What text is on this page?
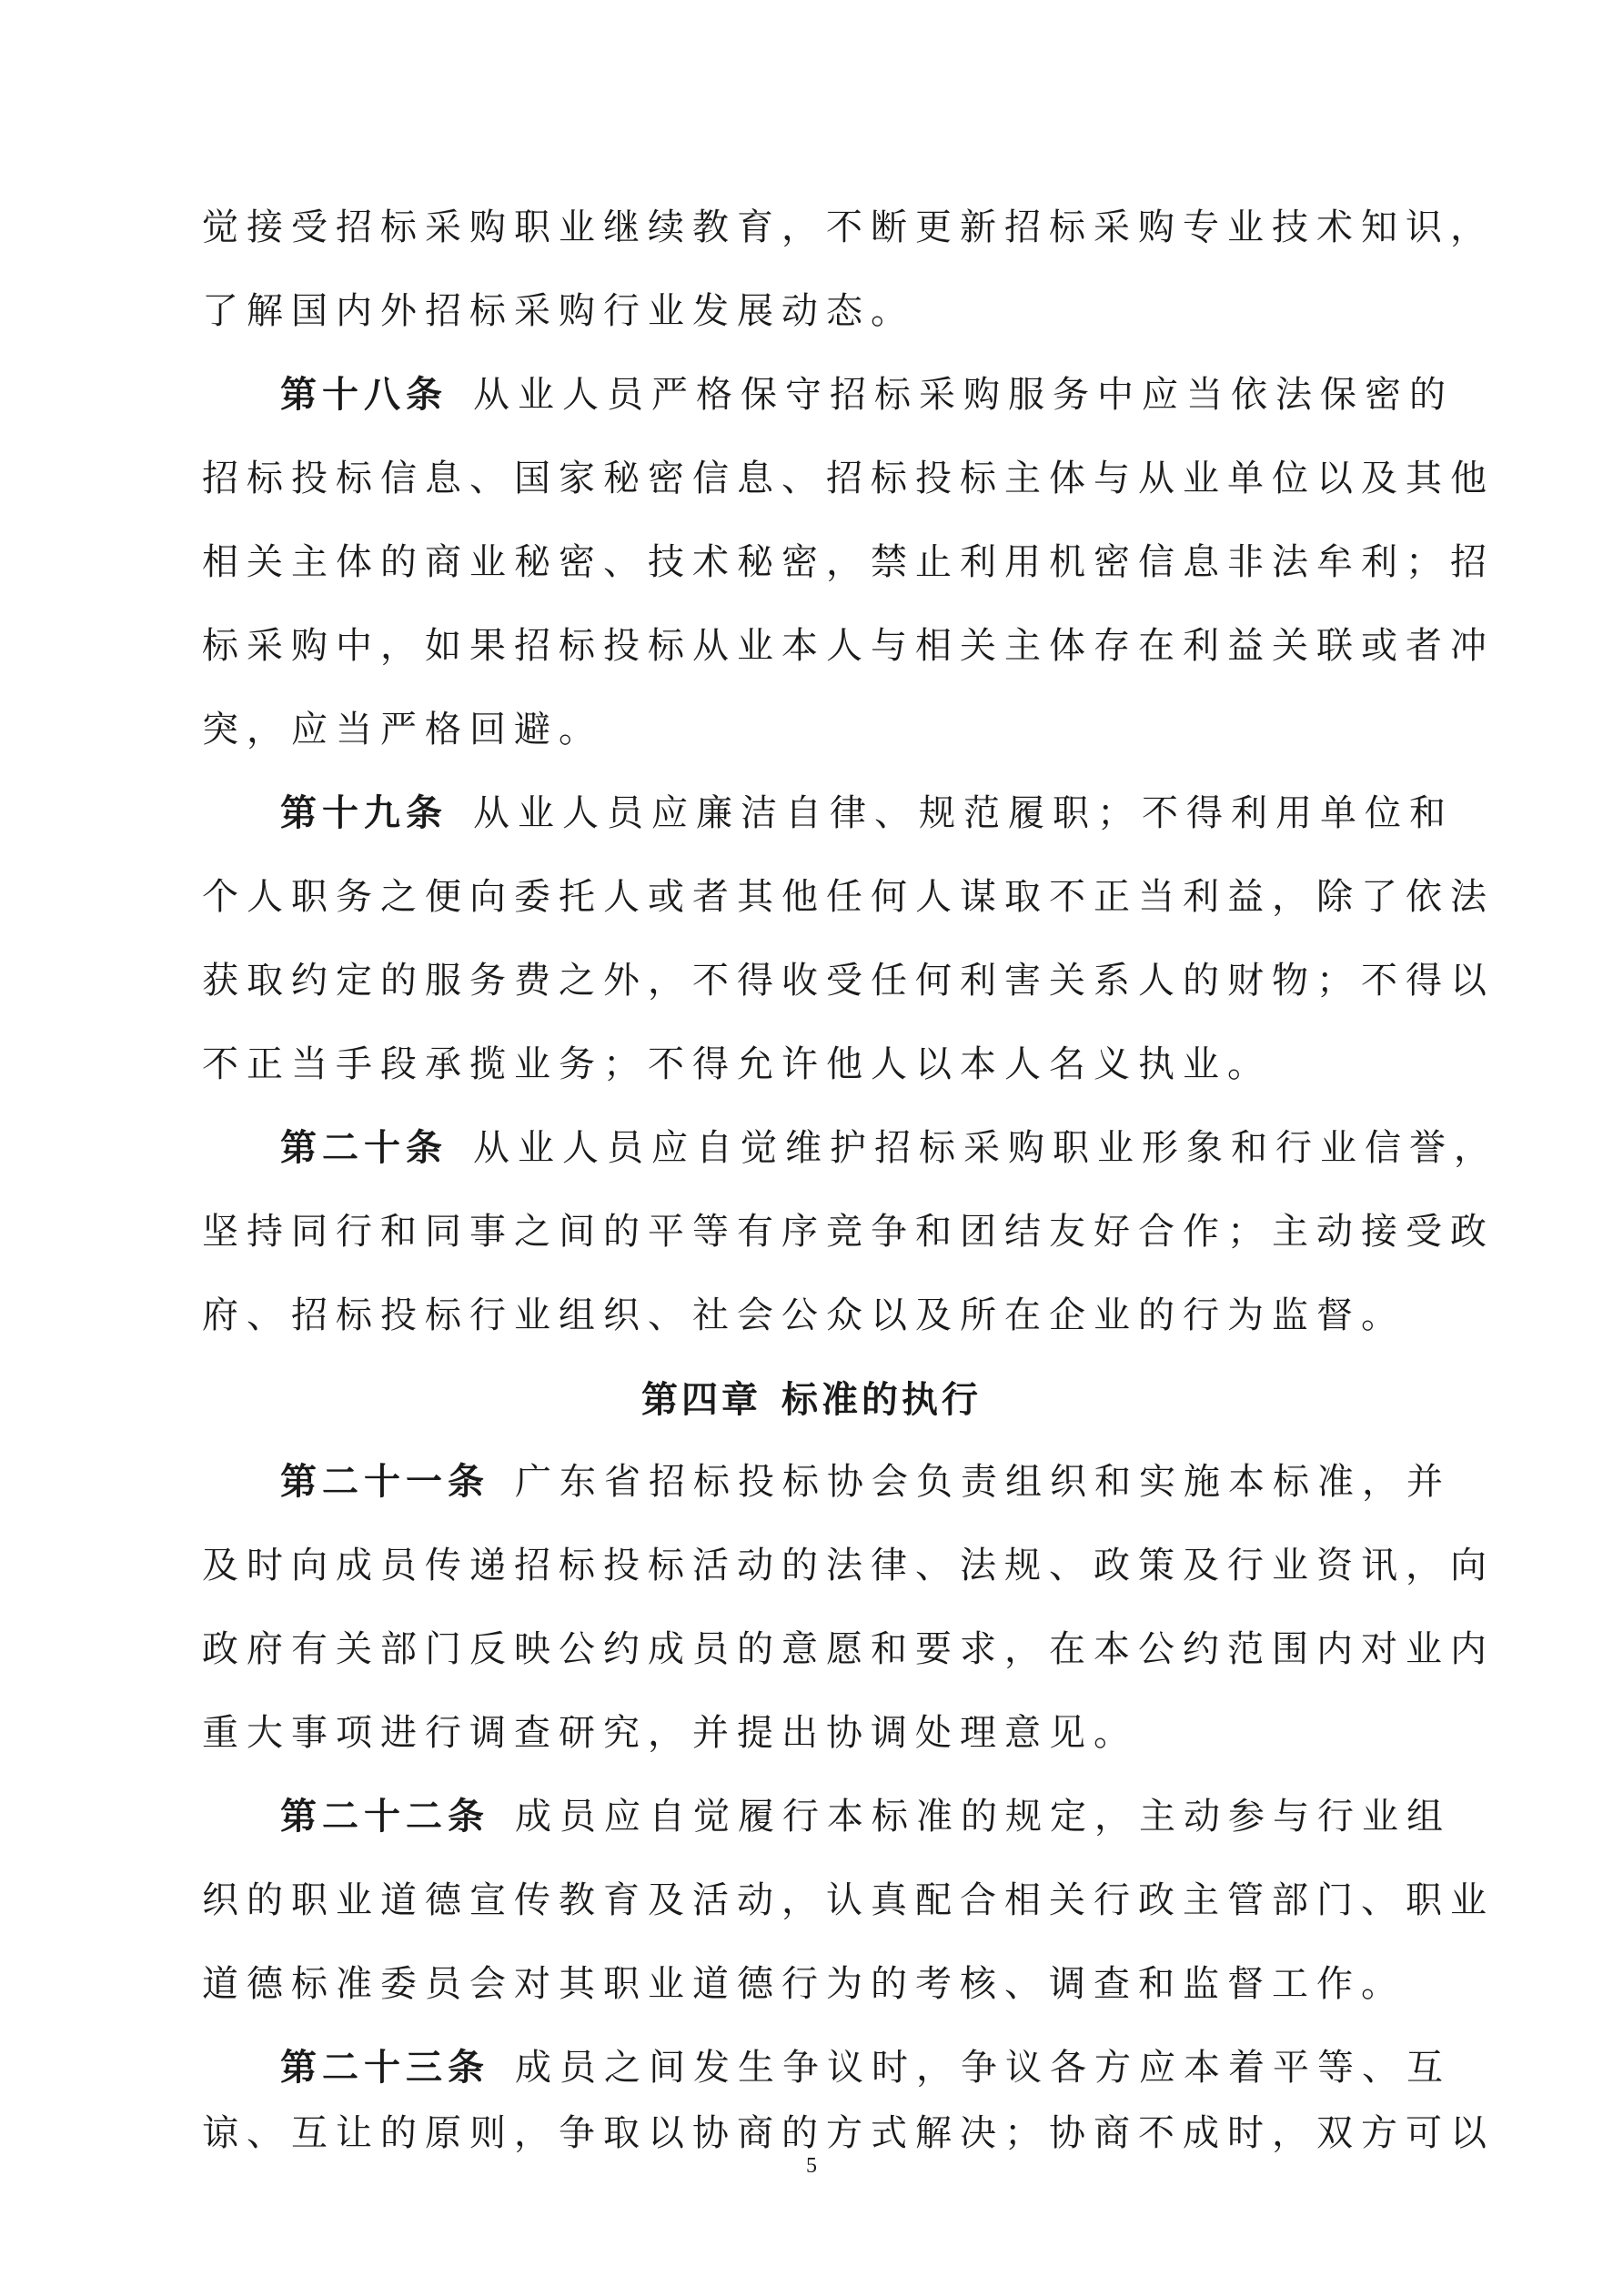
觉接受招标采购职业继续教育，不断更新招标采购专业技术知识，
了解国内外招标采购行业发展动态。
第十八条 从业人员严格保守招标采购服务中应当依法保密的
招标投标信息、国家秘密信息、招标投标主体与从业单位以及其他
相关主体的商业秘密、技术秘密，禁止利用机密信息非法牟利；招
标采购中，如果招标投标从业本人与相关主体存在利益关联或者冲
突，应当严格回避。
第十九条 从业人员应廉洁自律、规范履职；不得利用单位和
个人职务之便向委托人或者其他任何人谋取不正当利益，除了依法
获取约定的服务费之外，不得收受任何利害关系人的财物；不得以
不正当手段承揽业务；不得允许他人以本人名义执业。
第二十条 从业人员应自觉维护招标采购职业形象和行业信誉，
坚持同行和同事之间的平等有序竞争和团结友好合作；主动接受政
府、招标投标行业组织、社会公众以及所在企业的行为监督。
第四章 标准的执行
第二十一条 广东省招标投标协会负责组织和实施本标准，并
及时向成员传递招标投标活动的法律、法规、政策及行业资讯，向
政府有关部门反映公约成员的意愿和要求，在本公约范围内对业内
重大事项进行调查研究，并提出协调处理意见。
第二十二条 成员应自觉履行本标准的规定，主动参与行业组
织的职业道德宣传教育及活动，认真配合相关行政主管部门、职业
道德标准委员会对其职业道德行为的考核、调查和监督工作。
第二十三条 成员之间发生争议时，争议各方应本着平等、互
谅、互让的原则，争取以协商的方式解决；协商不成时，双方可以
5
